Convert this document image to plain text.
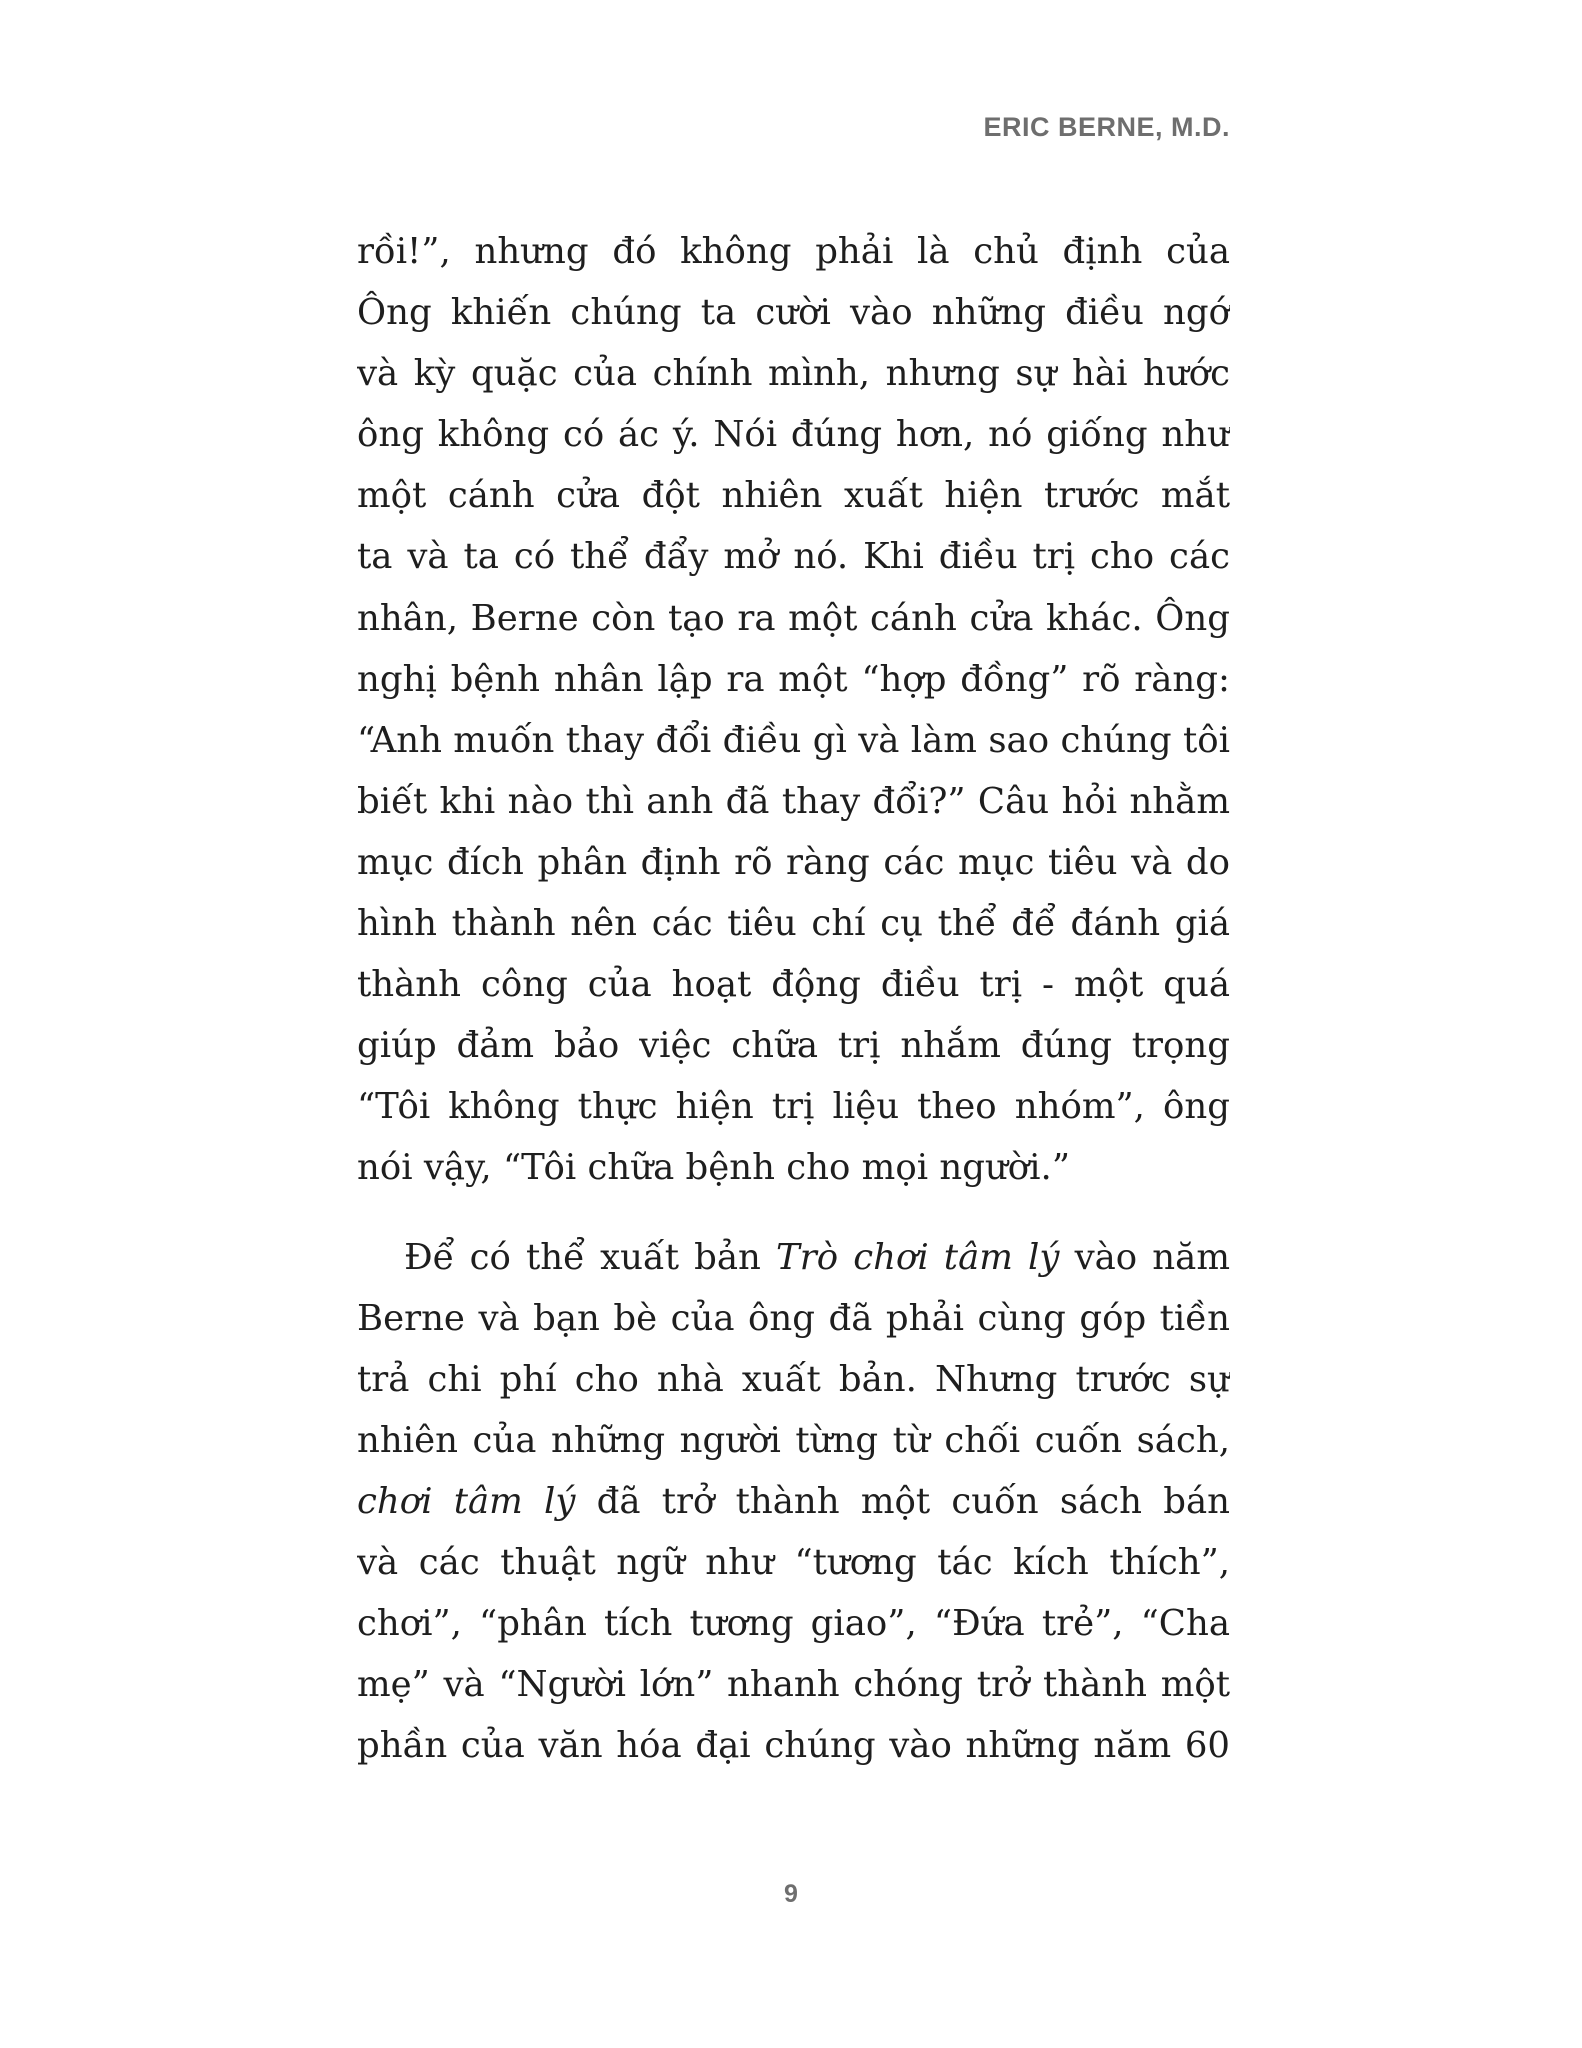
ERIC BERNE, M.D.
rồi!”, nhưng đó không phải là chủ định của
Ông khiến chúng ta cười vào những điều ngớ
và kỳ quặc của chính mình, nhưng sự hài hước
ông không có ác ý. Nói đúng hơn, nó giống như
một cánh cửa đột nhiên xuất hiện trước mắt
ta và ta có thể đẩy mở nó. Khi điều trị cho các
nhân, Berne còn tạo ra một cánh cửa khác. Ông
nghị bệnh nhân lập ra một “hợp đồng” rõ ràng:
“Anh muốn thay đổi điều gì và làm sao chúng tôi
biết khi nào thì anh đã thay đổi?” Câu hỏi nhằm
mục đích phân định rõ ràng các mục tiêu và do
hình thành nên các tiêu chí cụ thể để đánh giá
thành công của hoạt động điều trị - một quá
giúp đảm bảo việc chữa trị nhắm đúng trọng
“Tôi không thực hiện trị liệu theo nhóm”, ông
nói vậy, “Tôi chữa bệnh cho mọi người.”
Để có thể xuất bản Trò chơi tâm lý vào năm
Berne và bạn bè của ông đã phải cùng góp tiền
trả chi phí cho nhà xuất bản. Nhưng trước sự
nhiên của những người từng từ chối cuốn sách,
chơi tâm lý đã trở thành một cuốn sách bán
và các thuật ngữ như “tương tác kích thích”,
chơi”, “phân tích tương giao”, “Đứa trẻ”, “Cha
mẹ” và “Người lớn” nhanh chóng trở thành một
phần của văn hóa đại chúng vào những năm 60
9
